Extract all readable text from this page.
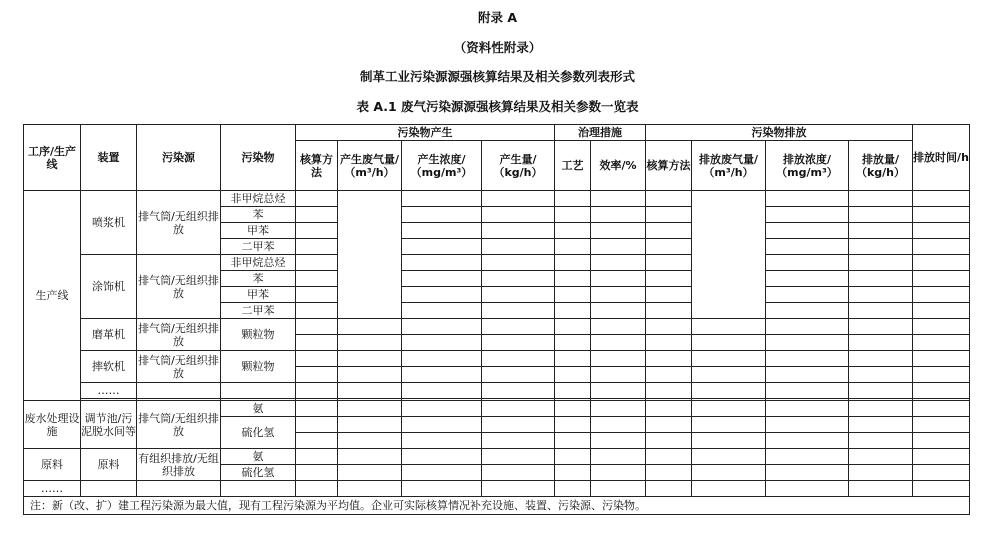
附录 A
（资料性附录）
制革工业污染源源强核算结果及相关参数列表形式
表 A.1 废气污染源源强核算结果及相关参数一览表
工序/生产线	装置	污染源	污染物	污染物产生				治理措施		污染物排放				排放时间/h
				核算方法	产生废气量/（m³/h）	产生浓度/（mg/m³）	产生量/（kg/h）	工艺	效率/%	核算方法	排放废气量/（m³/h）	排放浓度/（mg/m³）	排放量/（kg/h）	
生产线	喷浆机	排气筒/无组织排放	非甲烷总烃											
			苯											
			甲苯											
			二甲苯											
	涂饰机	排气筒/无组织排放	非甲烷总烃											
			苯											
			甲苯											
			二甲苯											
	磨革机	排气筒/无组织排放	颗粒物											

	摔软机	排气筒/无组织排放	颗粒物											

	……													

废水处理设施	调节池/污泥脱水间等	排气筒/无组织排放	氨											
			硫化氢											

原料	原料	有组织排放/无组织排放	氨											
			硫化氢											
……														
注：新（改、扩）建工程污染源为最大值，现有工程污染源为平均值。企业可实际核算情况补充设施、装置、污染源、污染物。														
